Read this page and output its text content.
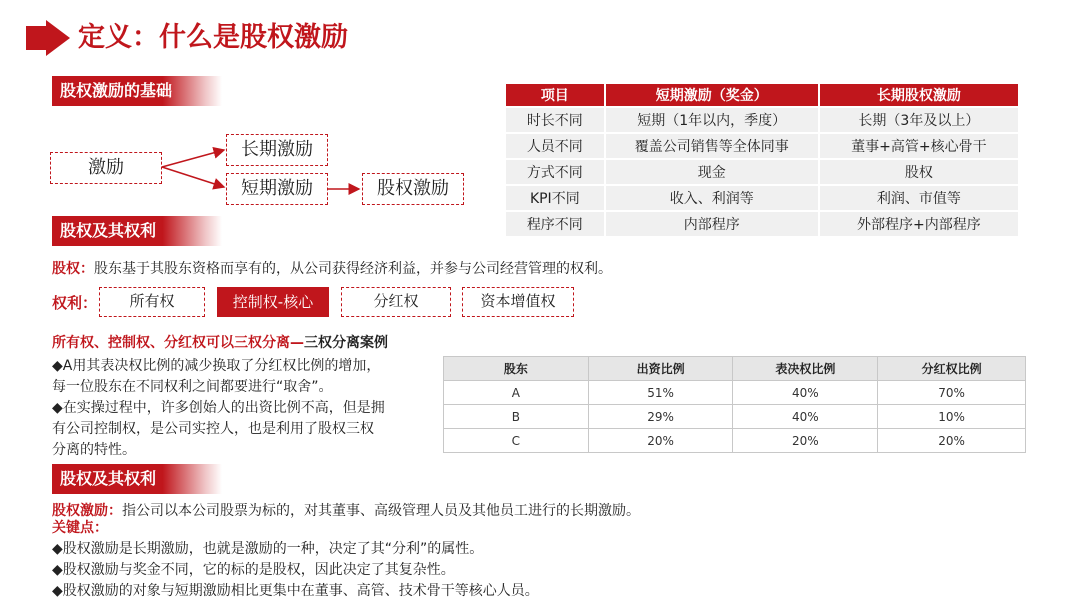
定义：什么是股权激励
股权激励的基础
激励
长期激励
短期激励	股权激励
项目	短期激励（奖金）	长期股权激励
时长不同	短期（1年以内，季度）	长期（3年及以上）
人员不同	覆盖公司销售等全体同事	董事+高管+核心骨干
方式不同	现金	股权
KPI不同	收入、利润等	利润、市值等
程序不同	内部程序	外部程序+内部程序
股权及其权利
股权：股东基于其股东资格而享有的，从公司获得经济利益，并参与公司经营管理的权利。
权利：	所有权	控制权-核心	分红权	资本增值权
所有权、控制权、分红权可以三权分离—三权分离案例
◆A用其表决权比例的减少换取了分红权比例的增加，
每一位股东在不同权利之间都要进行“取舍”。
◆在实操过程中，许多创始人的出资比例不高，但是拥
有公司控制权，是公司实控人，也是利用了股权三权
分离的特性。
股东	出资比例	表决权比例	分红权比例
A	51%	40%	70%
B	29%	40%	10%
C	20%	20%	20%
股权及其权利
股权激励：指公司以本公司股票为标的，对其董事、高级管理人员及其他员工进行的长期激励。
关键点：
◆股权激励是长期激励，也就是激励的一种，决定了其“分利”的属性。
◆股权激励与奖金不同，它的标的是股权，因此决定了其复杂性。
◆股权激励的对象与短期激励相比更集中在董事、高管、技术骨干等核心人员。
